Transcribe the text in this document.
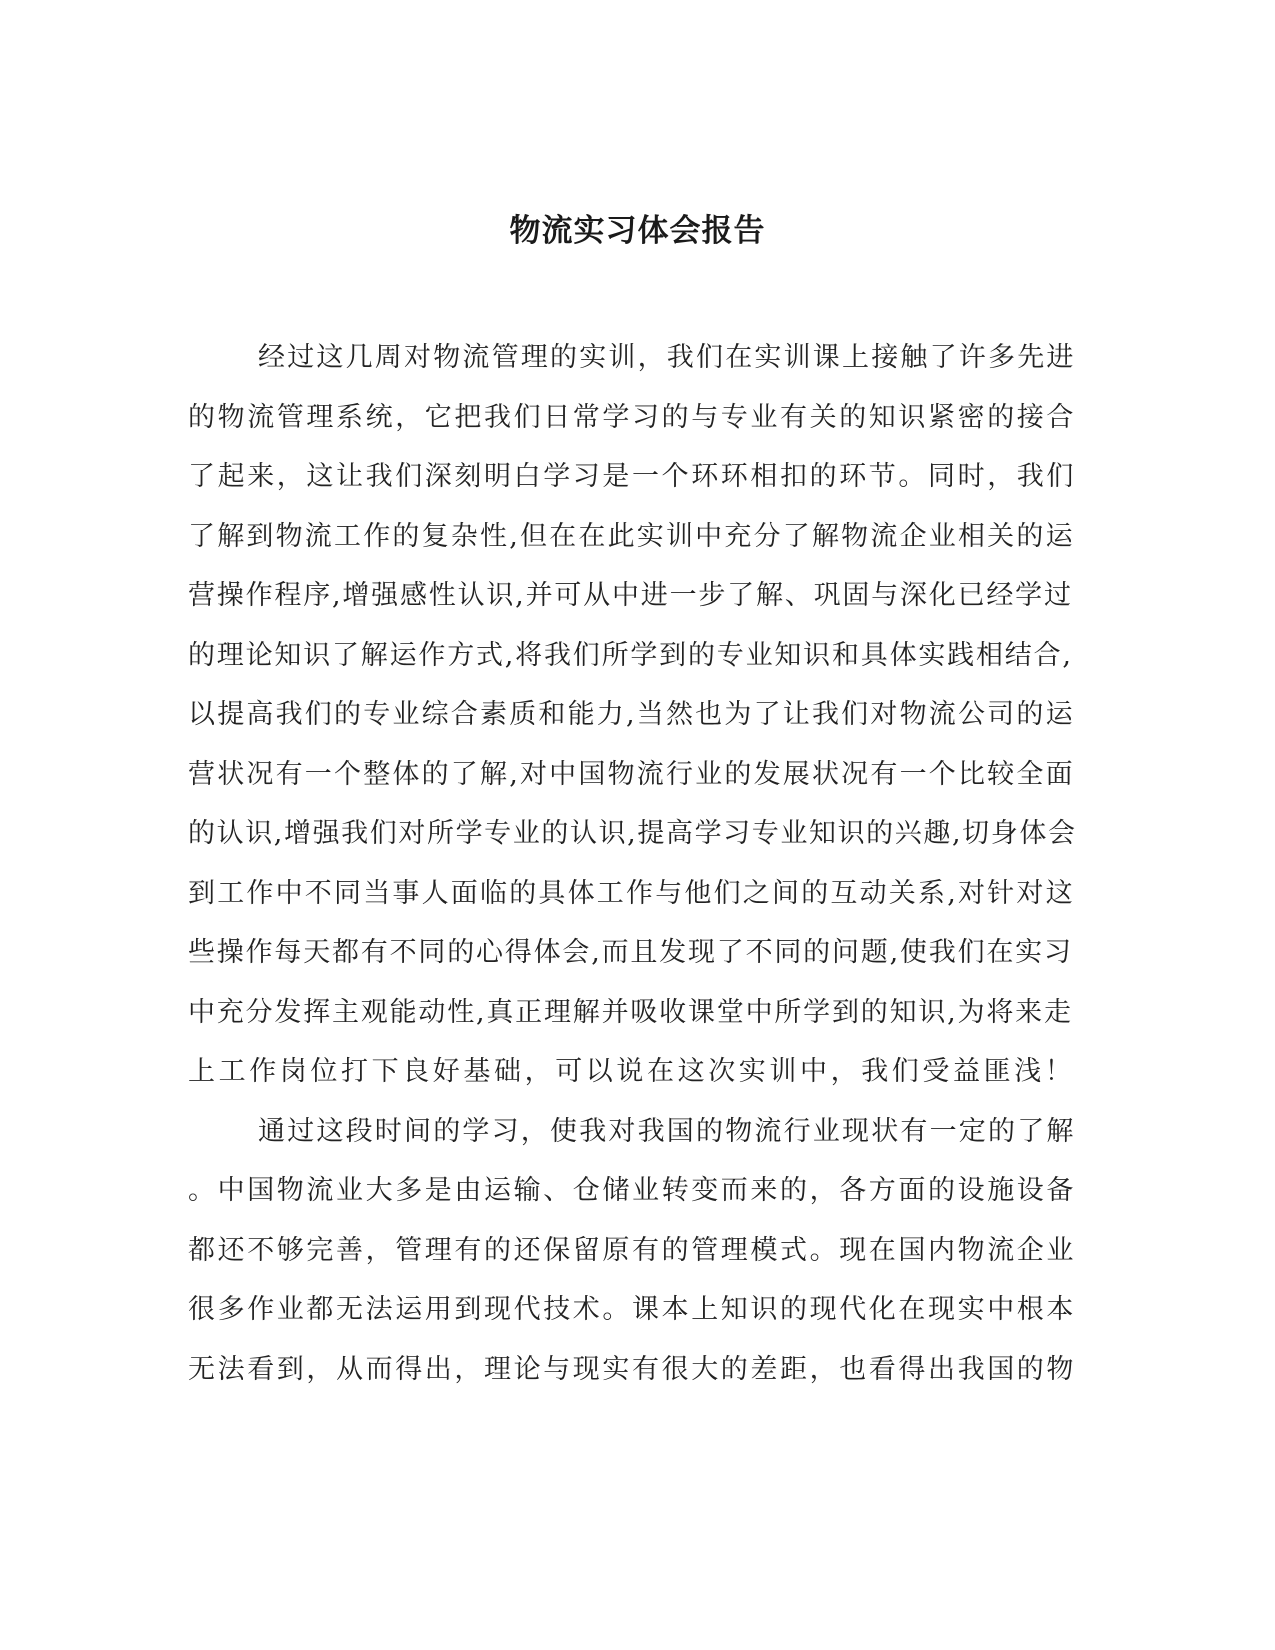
物流实习体会报告
经过这几周对物流管理的实训，我们在实训课上接触了许多先进
的物流管理系统，它把我们日常学习的与专业有关的知识紧密的接合
了起来，这让我们深刻明白学习是一个环环相扣的环节。同时，我们
了解到物流工作的复杂性,但在在此实训中充分了解物流企业相关的运
营操作程序,增强感性认识,并可从中进一步了解、巩固与深化已经学过
的理论知识了解运作方式,将我们所学到的专业知识和具体实践相结合,
以提高我们的专业综合素质和能力,当然也为了让我们对物流公司的运
营状况有一个整体的了解,对中国物流行业的发展状况有一个比较全面
的认识,增强我们对所学专业的认识,提高学习专业知识的兴趣,切身体会
到工作中不同当事人面临的具体工作与他们之间的互动关系,对针对这
些操作每天都有不同的心得体会,而且发现了不同的问题,使我们在实习
中充分发挥主观能动性,真正理解并吸收课堂中所学到的知识,为将来走
上工作岗位打下良好基础，可以说在这次实训中，我们受益匪浅！
通过这段时间的学习，使我对我国的物流行业现状有一定的了解
。中国物流业大多是由运输、仓储业转变而来的，各方面的设施设备
都还不够完善，管理有的还保留原有的管理模式。现在国内物流企业
很多作业都无法运用到现代技术。课本上知识的现代化在现实中根本
无法看到，从而得出，理论与现实有很大的差距，也看得出我国的物
